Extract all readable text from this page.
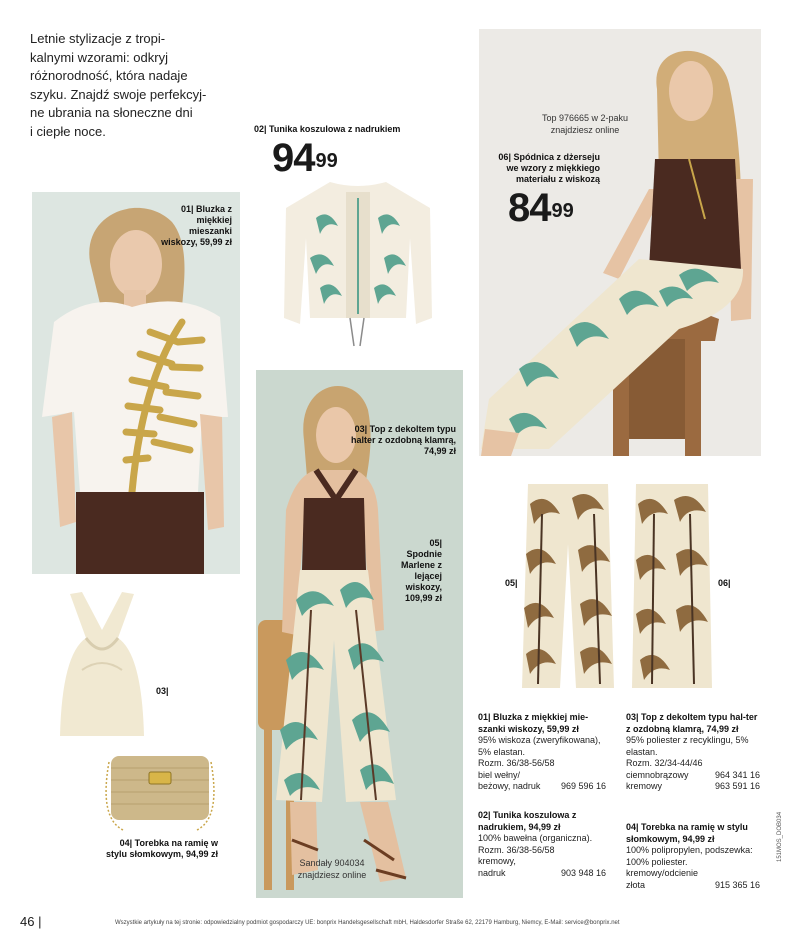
Letnie stylizacje z tropi-
kalnymi wzorami: odkryj
różnorodność, która nadaje
szyku. Znajdź swoje perfekcyj-
ne ubrania na słoneczne dni
i ciepłe noce.
01| Bluzka z miękkiej mieszanki wiskozy, 59,99 zł
02| Tunika koszulowa z nadrukiem
$94^{99}$
03| Top z dekoltem typu halter z ozdobną klamrą, 74,99 zł
05| Spodnie Marlene z lejącej wiskozy, 109,99 zł
06| Spódnica z dżerseju we wzory z miękkiego materiału z wiskozą
$84^{99}$
04| Torebka na ramię w stylu słomkowym, 94,99 zł
03|
05|	06|
Top 976665 w 2-paku znajdziesz online
Sandały 904034 znajdziesz online
01| Bluzka z miękkiej mie-szanki wiskozy, 59,99 zł
95% wiskoza (zweryfikowana),
5% elastan.
Rozm. 36/38-56/58
biel wełny/
beżowy, nadruk 969 596 16
02| Tunika koszulowa z nadrukiem, 94,99 zł
100% bawełna (organiczna).
Rozm. 36/38-56/58
kremowy,
nadruk	903 948 16
03| Top z dekoltem typu hal-ter z ozdobną klamrą, 74,99 zł
95% poliester z recyklingu, 5%
elastan.
Rozm. 32/34-44/46
ciemnobrązowy	964 341 16
kremowy	963 591 16
04| Torebka na ramię w stylu słomkowym, 94,99 zł
100% polipropylen, podszewka:
100% poliester.
kremowy/odcienie
złota	915 365 16
46 |	Wszystkie artykuły na tej stronie: odpowiedzialny podmiot gospodarczy UE: bonprix Handelsgesellschaft mbH, Haldesdorfer Straße 62, 22179 Hamburg, Niemcy, E-Mail: service@bonprix.net
151MOS_DOB034
